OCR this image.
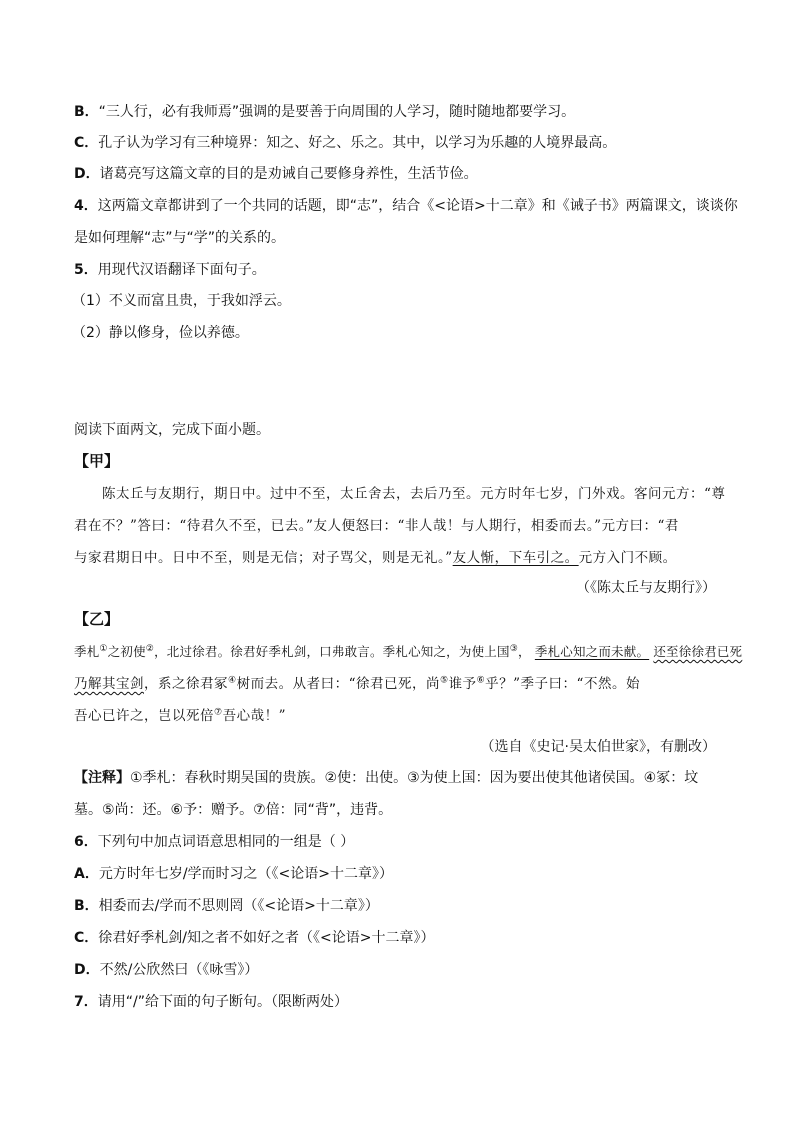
B．“三人行，必有我师焉”强调的是要善于向周围的人学习，随时随地都要学习。
C．孔子认为学习有三种境界：知之、好之、乐之。其中，以学习为乐趣的人境界最高。
D．诸葛亮写这篇文章的目的是劝诫自己要修身养性，生活节俭。
4．这两篇文章都讲到了一个共同的话题，即“志”，结合《<论语>十二章》和《诫子书》两篇课文，谈谈你
是如何理解“志”与“学”的关系的。
5．用现代汉语翻译下面句子。
（1）不义而富且贵，于我如浮云。
（2）静以修身，俭以养德。
阅读下面两文，完成下面小题。
【甲】
陈太丘与友期行，期日中。过中不至，太丘舍去，去后乃至。元方时年七岁，门外戏。客问元方：“尊
君在不？”答曰：“待君久不至，已去。”友人便怒曰：“非人哉！与人期行，相委而去。”元方曰：“君
与家君期日中。日中不至，则是无信；对子骂父，则是无礼。”友人惭，下车引之。元方入门不顾。
（《陈太丘与友期行》）
【乙】
季札①之初使②，北过徐君。徐君好季札剑，口弗敢言。季札心知之，为使上国③， 季札心知之而未献。 还至徐徐君已死
乃解其宝剑，系之徐君冢④树而去。从者曰：“徐君已死，尚⑤谁予⑥乎？”季子曰：“不然。始
吾心已许之，岂以死倍⑦吾心哉！”
（选自《史记·吴太伯世家》，有删改）
【注释】①季札：春秋时期吴国的贵族。②使：出使。③为使上国：因为要出使其他诸侯国。④冢：坟
墓。⑤尚：还。⑥予：赠予。⑦倍：同“背”，违背。
6．下列句中加点词语意思相同的一组是（ ）
A．元方时年七岁/学而时习之（《<论语>十二章》）
B．相委而去/学而不思则罔（《<论语>十二章》）
C．徐君好季札剑/知之者不如好之者（《<论语>十二章》）
D．不然/公欣然曰（《咏雪》）
7．请用“/”给下面的句子断句。（限断两处）
